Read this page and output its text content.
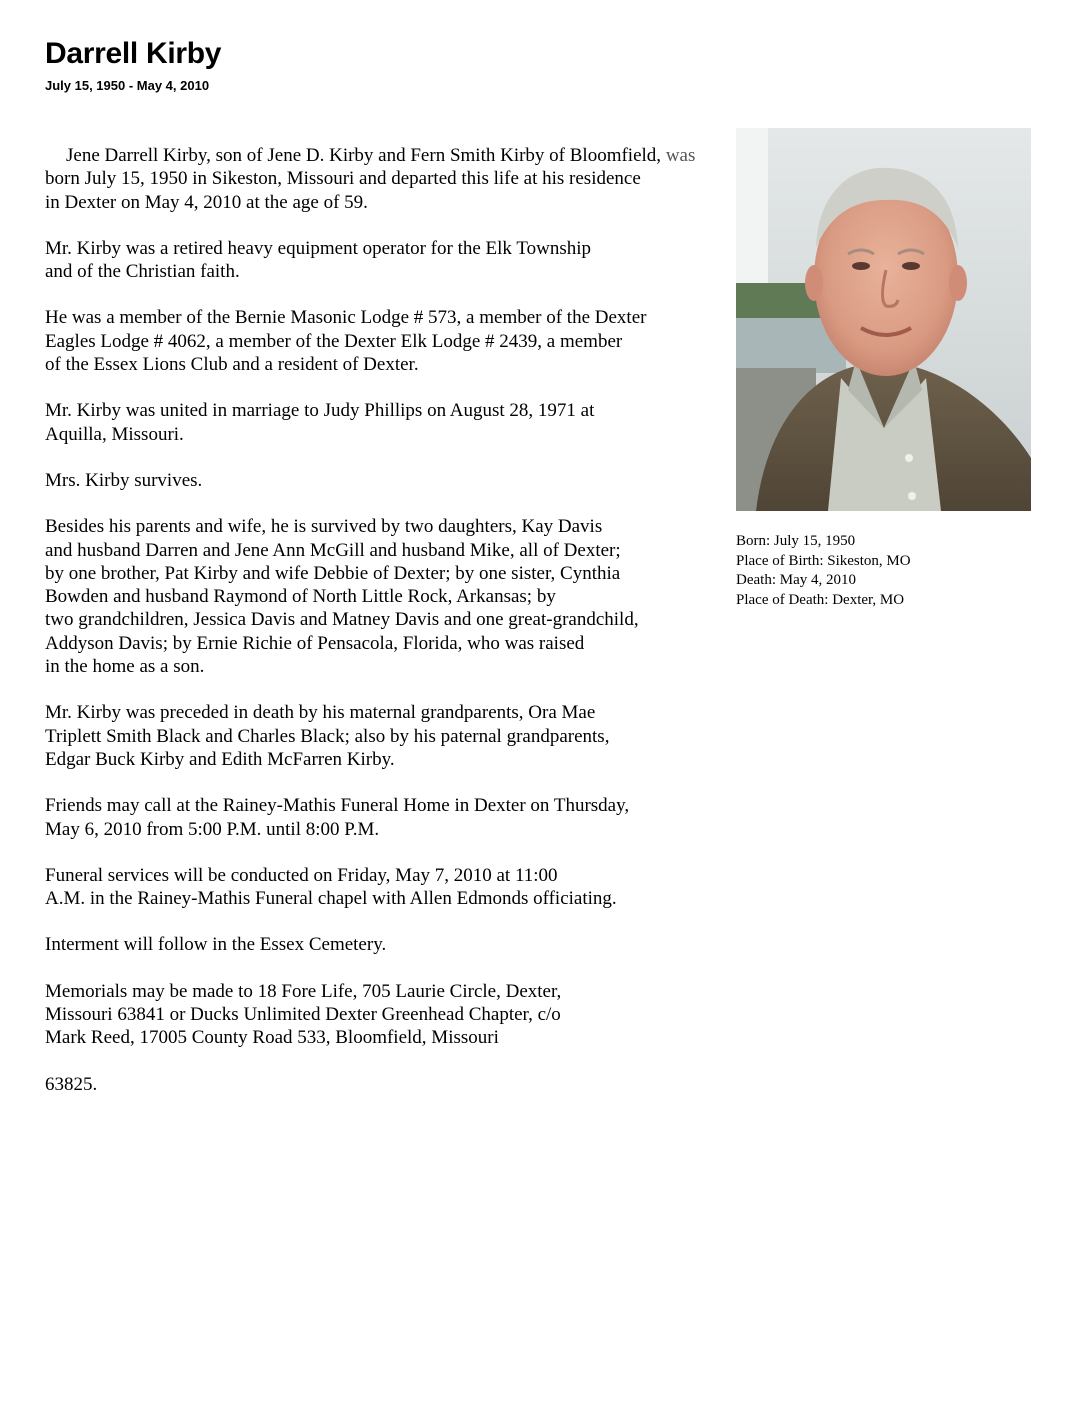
Darrell Kirby
July 15, 1950 - May 4, 2010

Jene Darrell Kirby, son of Jene D. Kirby and Fern Smith Kirby of Bloomfield, was
born July 15, 1950 in Sikeston, Missouri and departed this life at his residence
in Dexter on May 4, 2010 at the age of 59.

Mr. Kirby was a retired heavy equipment operator for the Elk Township
and of the Christian faith.

He was a member of the Bernie Masonic Lodge # 573, a member of the Dexter
Eagles Lodge # 4062, a member of the Dexter Elk Lodge # 2439, a member
of the Essex Lions Club and a resident of Dexter.

Mr. Kirby was united in marriage to Judy Phillips on August 28, 1971 at
Aquilla, Missouri.

Mrs. Kirby survives.

Besides his parents and wife, he is survived by two daughters, Kay Davis
and husband Darren and Jene Ann McGill and husband Mike, all of Dexter;
by one brother, Pat Kirby and wife Debbie of Dexter; by one sister, Cynthia
Bowden and husband Raymond of North Little Rock, Arkansas; by
two grandchildren, Jessica Davis and Matney Davis and one great-grandchild,
Addyson Davis; by Ernie Richie of Pensacola, Florida, who was raised
in the home as a son.

Mr. Kirby was preceded in death by his maternal grandparents, Ora Mae
Triplett Smith Black and Charles Black; also by his paternal grandparents,
Edgar Buck Kirby and Edith McFarren Kirby.

Friends may call at the Rainey-Mathis Funeral Home in Dexter on Thursday,
May 6, 2010 from 5:00 P.M. until 8:00 P.M.

Funeral services will be conducted on Friday, May 7, 2010 at 11:00
A.M. in the Rainey-Mathis Funeral chapel with Allen Edmonds officiating.

Interment will follow in the Essex Cemetery.

Memorials may be made to 18 Fore Life, 705 Laurie Circle, Dexter,
Missouri 63841 or Ducks Unlimited Dexter Greenhead Chapter, c/o
Mark Reed, 17005 County Road 533, Bloomfield, Missouri

63825.

Born: July 15, 1950
Place of Birth: Sikeston, MO
Death: May 4, 2010
Place of Death: Dexter, MO
